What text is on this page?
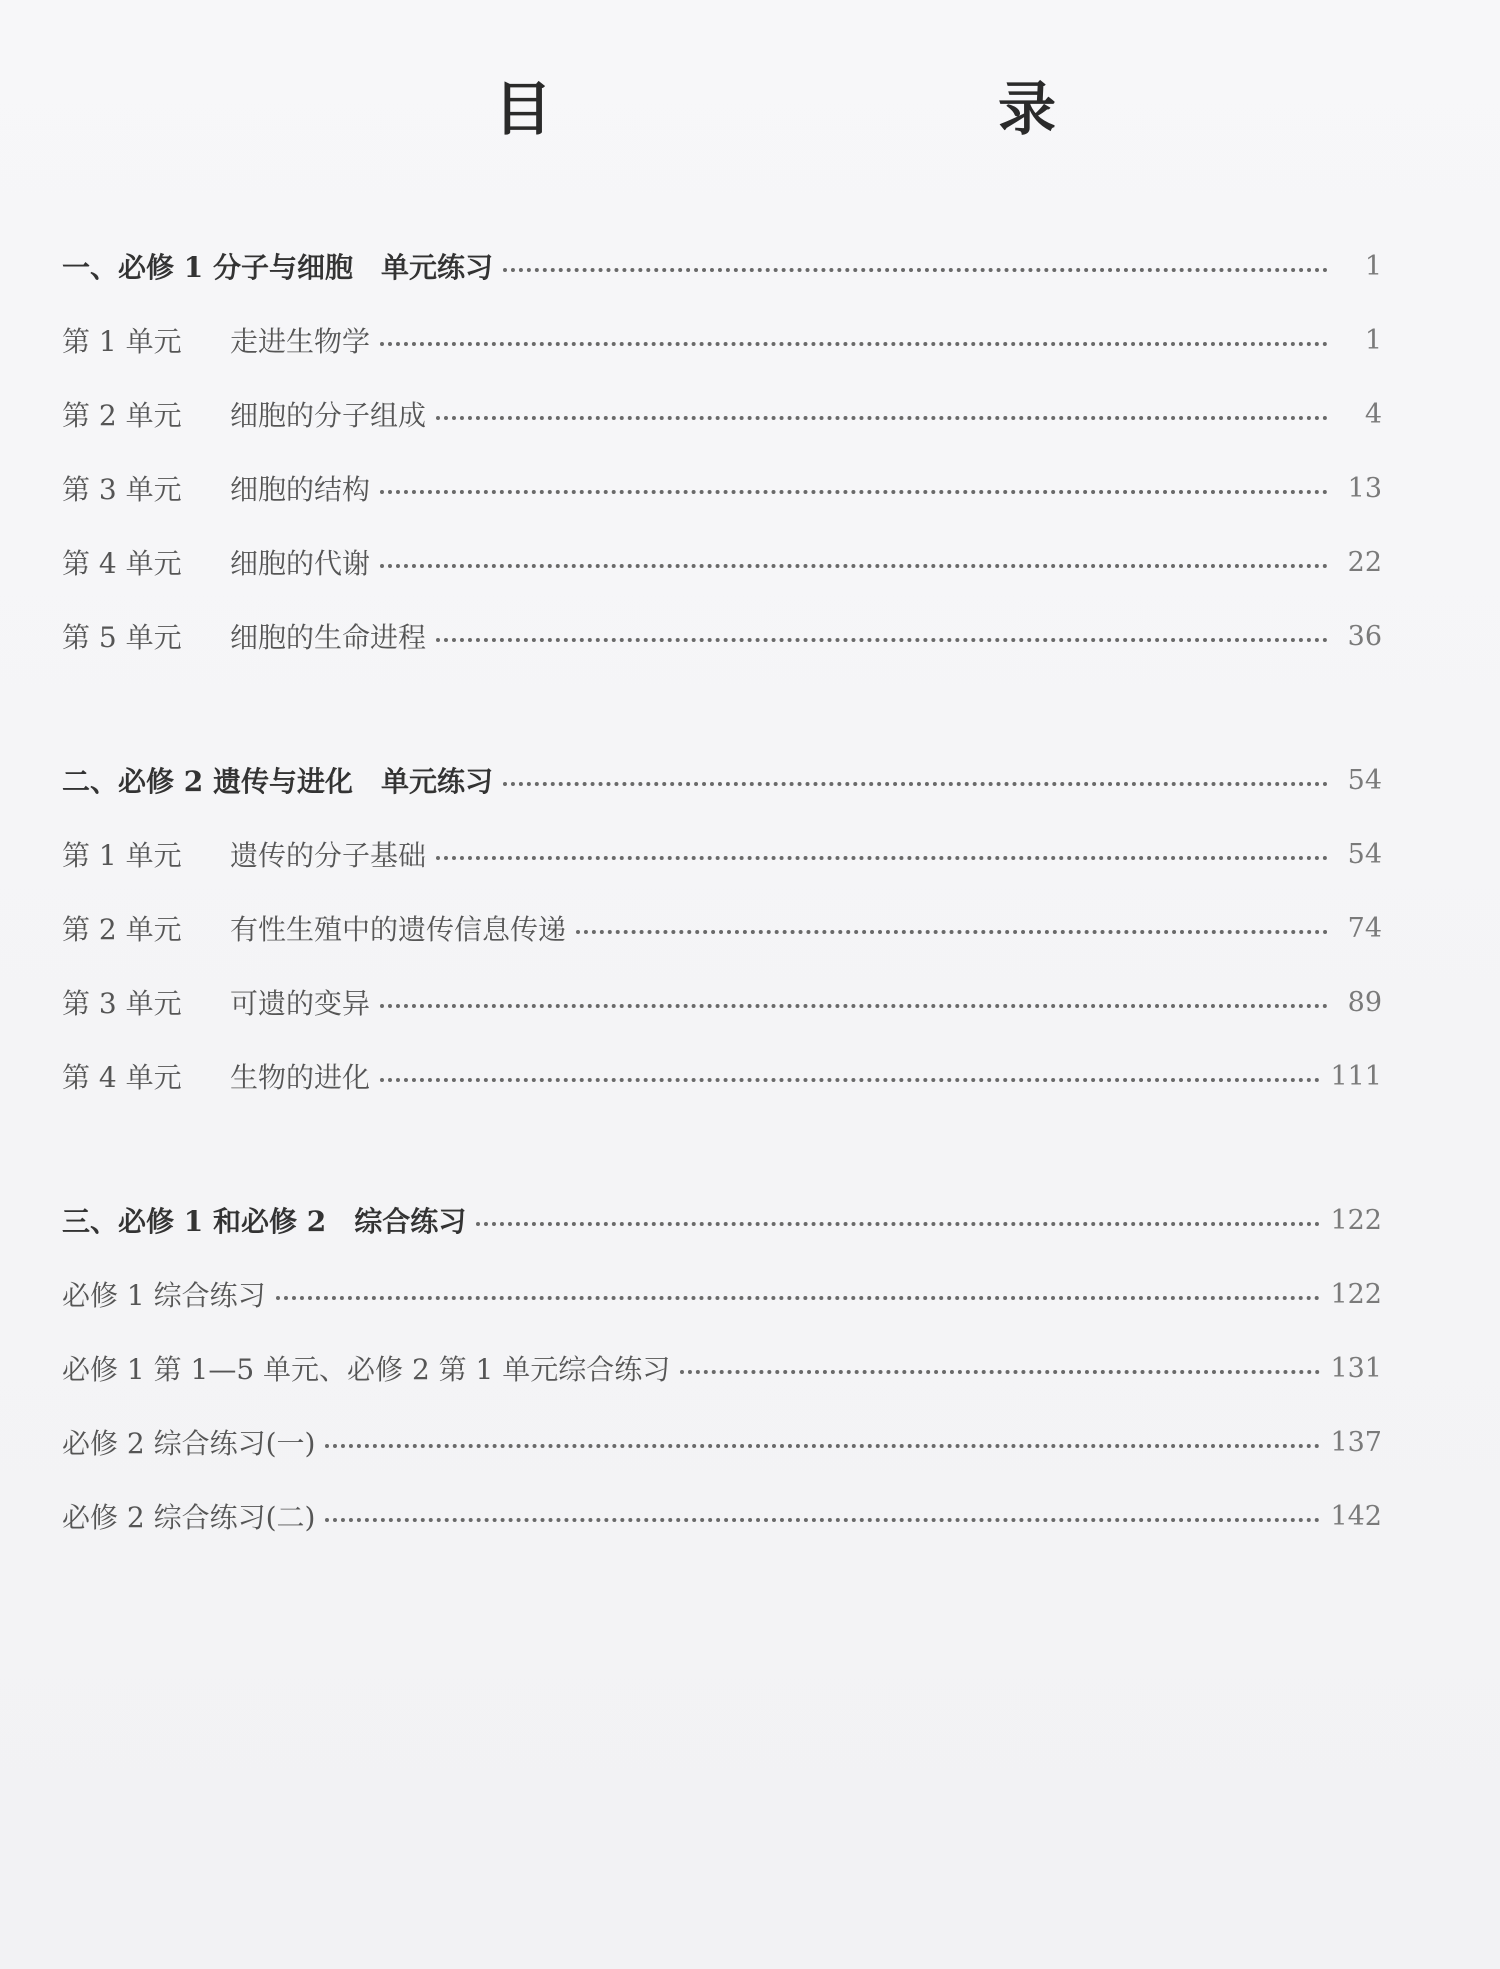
目　　录
一、必修 1 分子与细胞　单元练习	1
第 1 单元 走进生物学	1
第 2 单元 细胞的分子组成	4
第 3 单元 细胞的结构	13
第 4 单元 细胞的代谢	22
第 5 单元 细胞的生命进程	36
二、必修 2 遗传与进化　单元练习	54
第 1 单元 遗传的分子基础	54
第 2 单元 有性生殖中的遗传信息传递	74
第 3 单元 可遗的变异	89
第 4 单元 生物的进化	111
三、必修 1 和必修 2　综合练习	122
必修 1 综合练习	122
必修 1 第 1—5 单元、必修 2 第 1 单元综合练习	131
必修 2 综合练习(一)	137
必修 2 综合练习(二)	142
